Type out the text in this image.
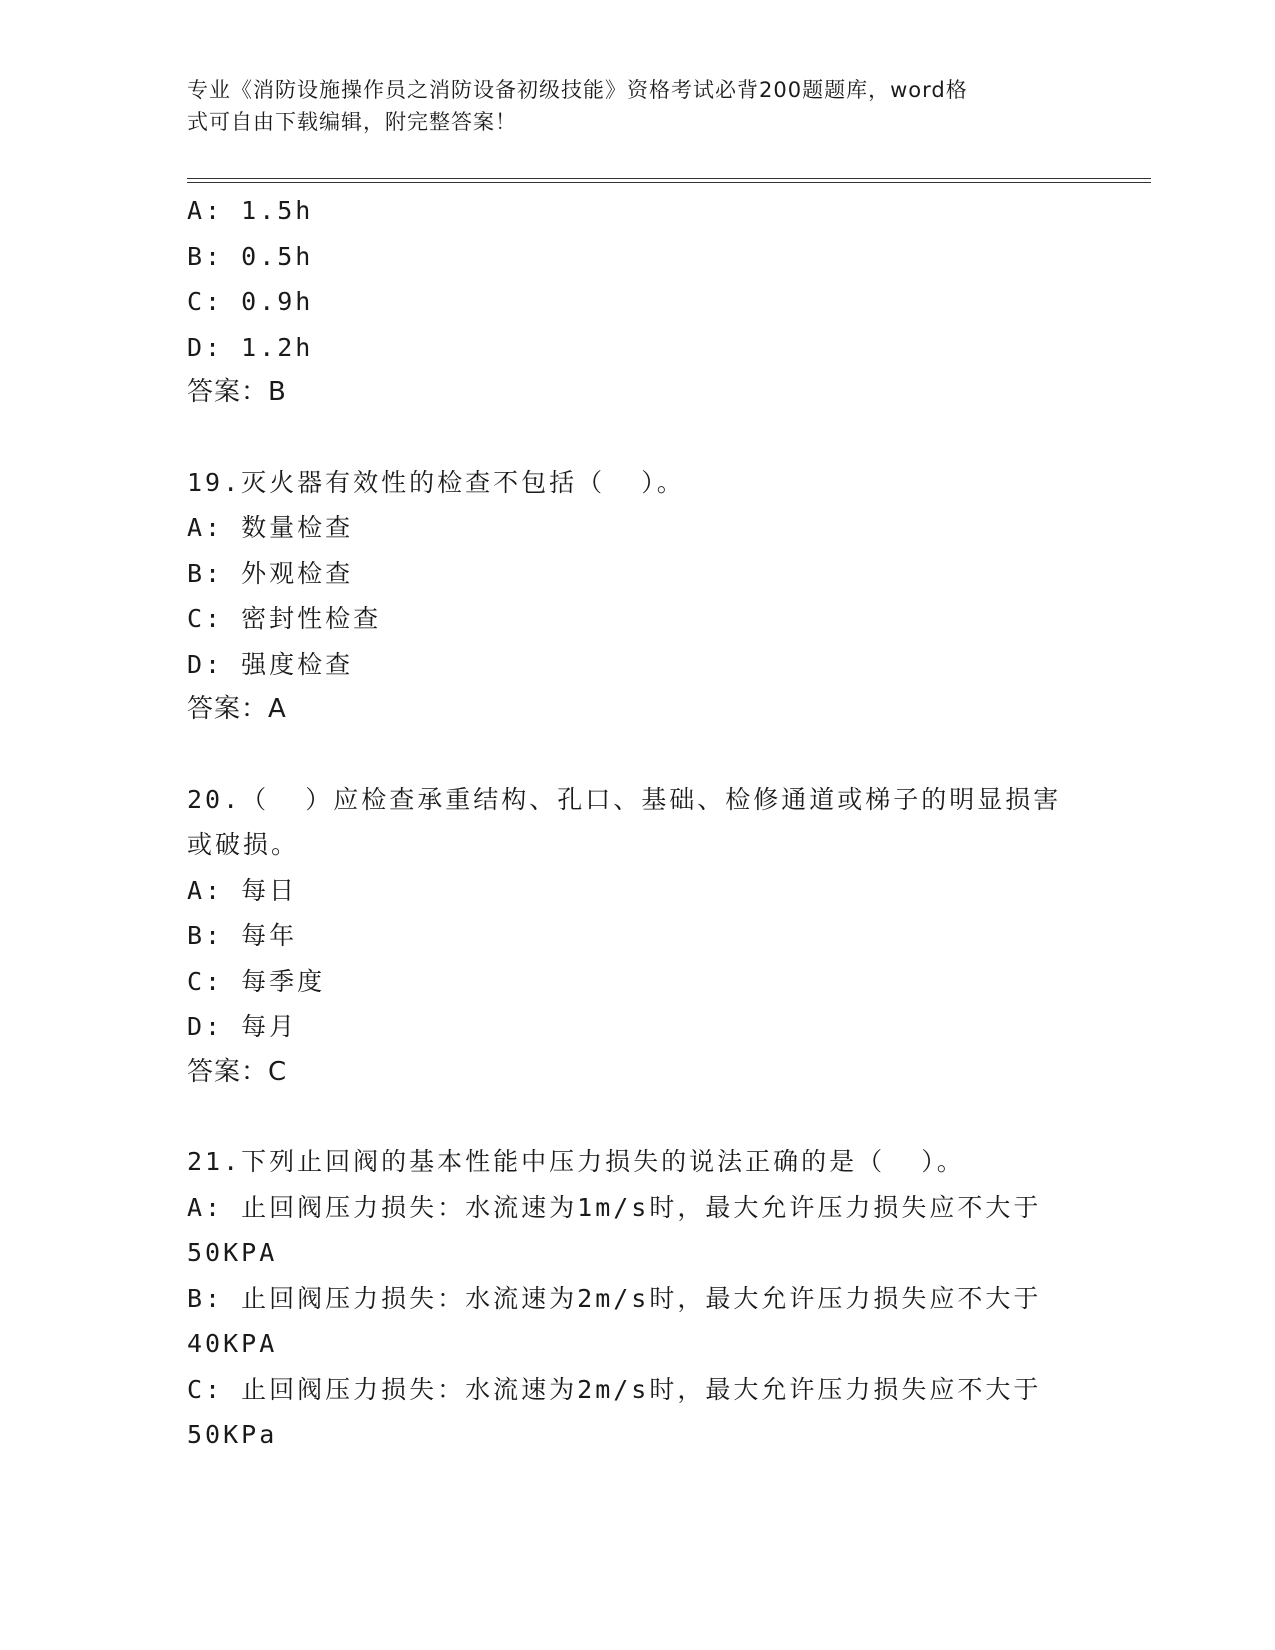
专业《消防设施操作员之消防设备初级技能》资格考试必背200题题库，word格
式可自由下载编辑，附完整答案！
A: 1.5h
B: 0.5h
C: 0.9h
D: 1.2h
答案：B
19.灭火器有效性的检查不包括（  ）。
A: 数量检查
B: 外观检查
C: 密封性检查
D: 强度检查
答案：A
20.（  ）应检查承重结构、孔口、基础、检修通道或梯子的明显损害
或破损。
A: 每日
B: 每年
C: 每季度
D: 每月
答案：C
21.下列止回阀的基本性能中压力损失的说法正确的是（  ）。
A: 止回阀压力损失：水流速为1m/s时，最大允许压力损失应不大于
50KPA
B: 止回阀压力损失：水流速为2m/s时，最大允许压力损失应不大于
40KPA
C: 止回阀压力损失：水流速为2m/s时，最大允许压力损失应不大于
50KPa
